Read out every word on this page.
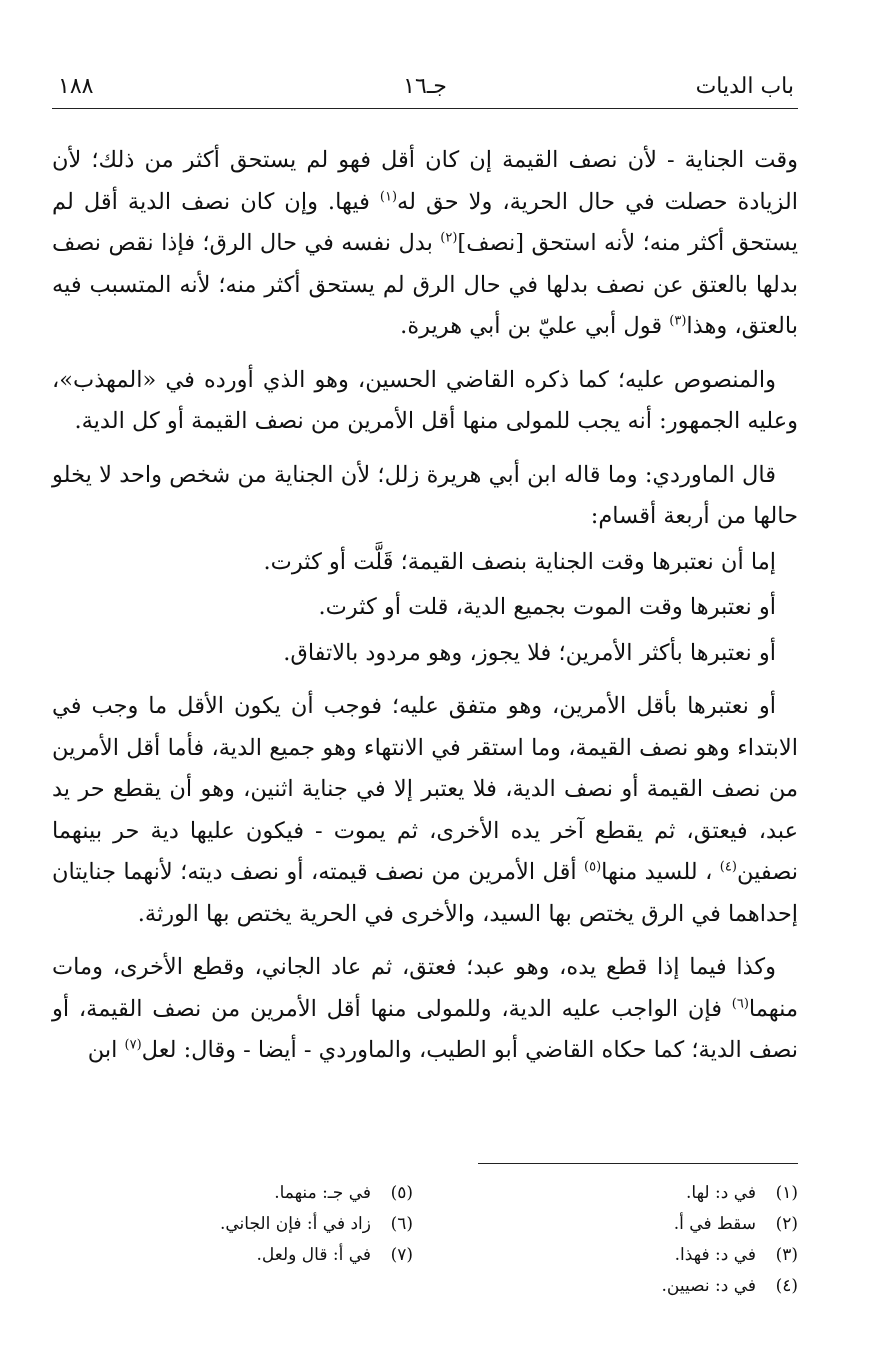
باب الديات
جـ١٦
١٨٨

وقت الجناية - لأن نصف القيمة إن كان أقل فهو لم يستحق أكثر من ذلك؛ لأن الزيادة حصلت في حال الحرية، ولا حق له$^{(١)}$ فيها. وإن كان نصف الدية أقل لم يستحق أكثر منه؛ لأنه استحق [نصف]$^{(٢)}$ بدل نفسه في حال الرق؛ فإذا نقص نصف بدلها بالعتق عن نصف بدلها في حال الرق لم يستحق أكثر منه؛ لأنه المتسبب فيه بالعتق، وهذا$^{(٣)}$ قول أبي عليّ بن أبي هريرة.

والمنصوص عليه؛ كما ذكره القاضي الحسين، وهو الذي أورده في «المهذب»، وعليه الجمهور: أنه يجب للمولى منها أقل الأمرين من نصف القيمة أو كل الدية.

قال الماوردي: وما قاله ابن أبي هريرة زلل؛ لأن الجناية من شخص واحد لا يخلو حالها من أربعة أقسام:

إما أن نعتبرها وقت الجناية بنصف القيمة؛ قَلَّت أو كثرت.

أو نعتبرها وقت الموت بجميع الدية، قلت أو كثرت.

أو نعتبرها بأكثر الأمرين؛ فلا يجوز، وهو مردود بالاتفاق.

أو نعتبرها بأقل الأمرين، وهو متفق عليه؛ فوجب أن يكون الأقل ما وجب في الابتداء وهو نصف القيمة، وما استقر في الانتهاء وهو جميع الدية، فأما أقل الأمرين من نصف القيمة أو نصف الدية، فلا يعتبر إلا في جناية اثنين، وهو أن يقطع حر يد عبد، فيعتق، ثم يقطع آخر يده الأخرى، ثم يموت - فيكون عليها دية حر بينهما نصفين$^{(٤)}$ ، للسيد منها$^{(٥)}$ أقل الأمرين من نصف قيمته، أو نصف ديته؛ لأنهما جنايتان إحداهما في الرق يختص بها السيد، والأخرى في الحرية يختص بها الورثة.

وكذا فيما إذا قطع يده، وهو عبد؛ فعتق، ثم عاد الجاني، وقطع الأخرى، ومات منهما$^{(٦)}$ فإن الواجب عليه الدية، وللمولى منها أقل الأمرين من نصف القيمة، أو نصف الدية؛ كما حكاه القاضي أبو الطيب، والماوردي - أيضا - وقال: لعل$^{(٧)}$ ابن

(١)في د: لها.
(٢)سقط في أ.
(٣)في د: فهذا.
(٤)في د: نصيين.
(٥)في جـ: منهما.
(٦)زاد في أ: فإن الجاني.
(٧)في أ: قال ولعل.
